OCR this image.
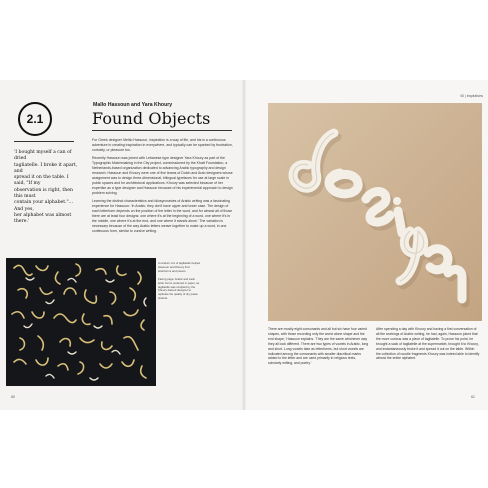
2.1
Mallo Hassoun and Yara Khoury
Found Objects
'I bought myself a can of dried
tagliatelle. I broke it apart, and
spread it on the table. I said, "If my
observation is right, then this must
contain your alphabet."... And yes,
her alphabet was almost there.'

For Greek designer Meltio Hassoun, inspiration is a way of life, and his is a continuous adventure in creating inspiration in everywhere, and typically can be sparked by frustration, curiosity, or pleasure too.

Recently Hassoun was joined with Lebanese type designer Yara Khoury as part of the Typographic Matchmaking in the City project, commissioned by the Khatt Foundation, a Netherlands-based organization dedicated to advancing Arabic typography and design research. Hassoun and Khoury were one of five teams of Dutch and Arab designers whose assignment was to design three-dimensional, bilingual typefaces for use at large scale in public spaces and for architectural applications. Khoury was selected because of her expertise as a type designer and Hassoun because of his experimental approach to design problem solving.

Learning the distinct characteristics and idiosyncrasies of Arabic writing was a fascinating experience for Hassoun: 'In Arabic, they don't have upper and lower case. The design of each letterform depends on the position of the letter in the word, and for almost all of those there are at least four designs: one where it's at the beginning of a word, one where it's in the middle, one where it's at the end, and one where it stands alone.' The variation is necessary because of the way Arabic letters weave together to make up a word, in one continuous form, similar to cursive writing.

A random mix of tagliatelle helped Hassoun and Khoury find letterforms and pieces.

Facing page: Arabic and Latin letter forms rendered in paper, as tagliatelle was sculpted by the Khoury-trained designer to replicate the quality of dry pasta strands.

60 | Inspirations
There are mostly eight consonants and all but six have four varied shapes, with those recording only the worst alone shape and the end shape,' Hassoun explains. 'They are the same whichever way they all look different. There are two types of vowels in Arabic, long and short. Long vowels take as letterforms, but short vowels are indicated among the consonants with smaller diacritical marks added to the letter and are used primarily in religious texts, scholarly writing, and poetry.'
After spending a day with Khoury and having a first conversation of all the workings of Arabic writing, he had, again, Hassoun joked that the more curious was a piece of tagliatelle. To prove his point, he brought a sack of tagliatelle at the supermarket, brought it to Khoury, and instantaneously broke it and spread it out on the table. Within the collection of noodle fragments Khoury was indeed able to identify almost the entire alphabet.
60	61
